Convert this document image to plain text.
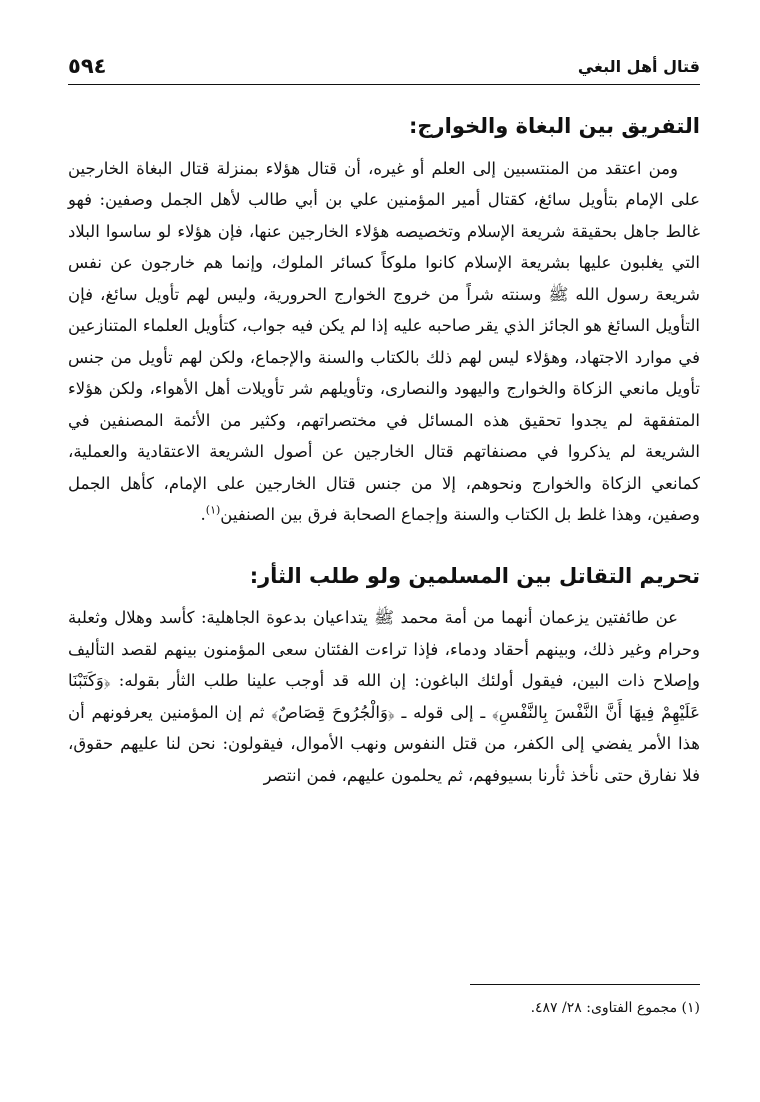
قتال أهل البغي
٥٩٤
التفريق بين البغاة والخوارج:

ومن اعتقد من المنتسبين إلى العلم أو غيره، أن قتال هؤلاء بمنزلة قتال البغاة الخارجين على الإمام بتأويل سائغ، كقتال أمير المؤمنين علي بن أبي طالب لأهل الجمل وصفين: فهو غالط جاهل بحقيقة شريعة الإسلام وتخصيصه هؤلاء الخارجين عنها، فإن هؤلاء لو ساسوا البلاد التي يغلبون عليها بشريعة الإسلام كانوا ملوكاً كسائر الملوك، وإنما هم خارجون عن نفس شريعة رسول الله ﷺ وسنته شراً من خروج الخوارج الحرورية، وليس لهم تأويل سائغ، فإن التأويل السائغ هو الجائز الذي يقر صاحبه عليه إذا لم يكن فيه جواب، كتأويل العلماء المتنازعين في موارد الاجتهاد، وهؤلاء ليس لهم ذلك بالكتاب والسنة والإجماع، ولكن لهم تأويل من جنس تأويل مانعي الزكاة والخوارج واليهود والنصارى، وتأويلهم شر تأويلات أهل الأهواء، ولكن هؤلاء المتفقهة لم يجدوا تحقيق هذه المسائل في مختصراتهم، وكثير من الأئمة المصنفين في الشريعة لم يذكروا في مصنفاتهم قتال الخارجين عن أصول الشريعة الاعتقادية والعملية، كمانعي الزكاة والخوارج ونحوهم، إلا من جنس قتال الخارجين على الإمام، كأهل الجمل وصفين، وهذا غلط بل الكتاب والسنة وإجماع الصحابة فرق بين الصنفين$^{(١)}$.

تحريم التقاتل بين المسلمين ولو طلب الثأر:

عن طائفتين يزعمان أنهما من أمة محمد ﷺ يتداعيان بدعوة الجاهلية: كأسد وهلال وثعلبة وحرام وغير ذلك، وبينهم أحقاد ودماء، فإذا تراءت الفئتان سعى المؤمنون بينهم لقصد التأليف وإصلاح ذات البين، فيقول أولئك الباغون: إن الله قد أوجب علينا طلب الثأر بقوله: ﴿وَكَتَبْنَا عَلَيْهِمْ فِيهَا أَنَّ النَّفْسَ بِالنَّفْسِ﴾ ـ إلى قوله ـ ﴿وَالْجُرُوحَ قِصَاصٌ﴾ ثم إن المؤمنين يعرفونهم أن هذا الأمر يفضي إلى الكفر، من قتل النفوس ونهب الأموال، فيقولون: نحن لنا عليهم حقوق، فلا نفارق حتى نأخذ ثأرنا بسيوفهم، ثم يحلمون عليهم، فمن انتصر

(١) مجموع الفتاوى: ٢٨/ ٤٨٧.
